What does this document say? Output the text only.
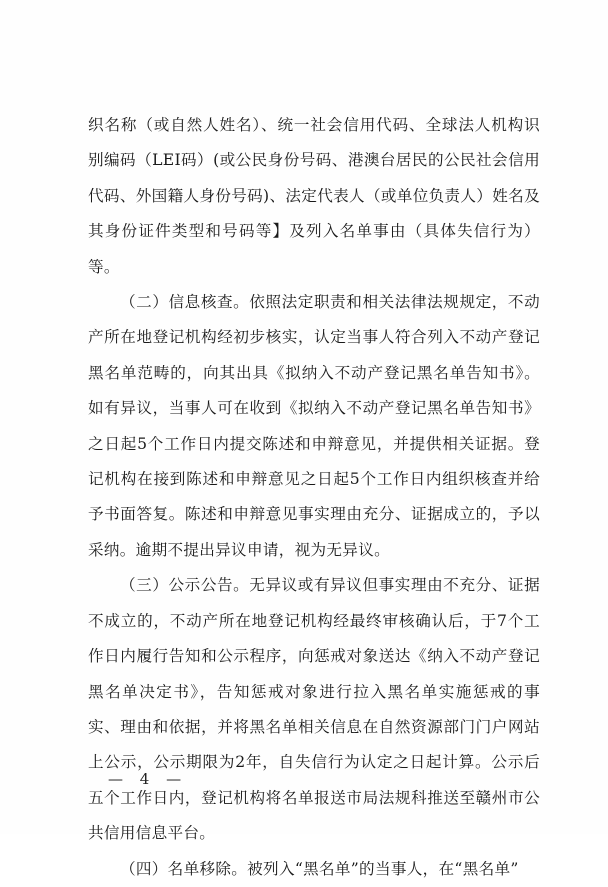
织名称（或自然人姓名）、统一社会信用代码、全球法人机构识别编码（LEI码）(或公民身份号码、港澳台居民的公民社会信用代码、外国籍人身份号码)、法定代表人（或单位负责人）姓名及其身份证件类型和号码等】及列入名单事由（具体失信行为）等。

（二）信息核查。依照法定职责和相关法律法规规定，不动产所在地登记机构经初步核实，认定当事人符合列入不动产登记黑名单范畴的，向其出具《拟纳入不动产登记黑名单告知书》。如有异议，当事人可在收到《拟纳入不动产登记黑名单告知书》之日起5个工作日内提交陈述和申辩意见，并提供相关证据。登记机构在接到陈述和申辩意见之日起5个工作日内组织核查并给予书面答复。陈述和申辩意见事实理由充分、证据成立的，予以采纳。逾期不提出异议申请，视为无异议。

（三）公示公告。无异议或有异议但事实理由不充分、证据不成立的，不动产所在地登记机构经最终审核确认后，于7个工作日内履行告知和公示程序，向惩戒对象送达《纳入不动产登记黑名单决定书》，告知惩戒对象进行拉入黑名单实施惩戒的事实、理由和依据，并将黑名单相关信息在自然资源部门门户网站上公示，公示期限为2年，自失信行为认定之日起计算。公示后五个工作日内，登记机构将名单报送市局法规科推送至赣州市公共信用信息平台。

（四）名单移除。被列入“黑名单”的当事人，在“黑名单”

— 4 —
